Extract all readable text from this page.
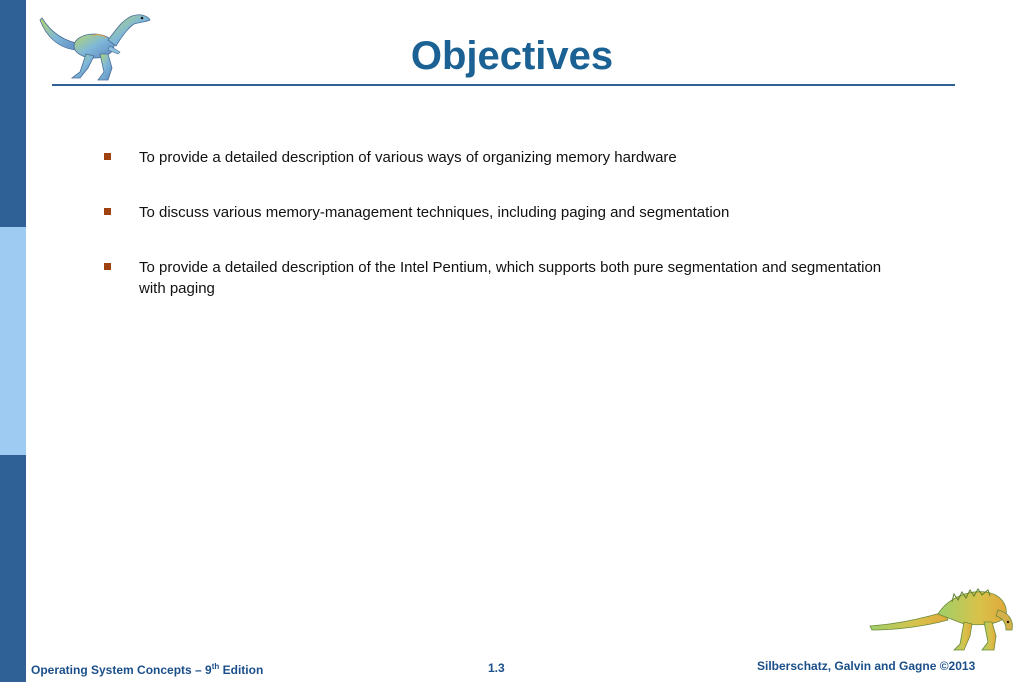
Objectives
To provide a detailed description of various ways of organizing memory hardware
To discuss various memory-management techniques, including paging and segmentation
To provide a detailed description of the Intel Pentium, which supports both pure segmentation and segmentation with paging
Operating System Concepts – 9th Edition	1.3	Silberschatz, Galvin and Gagne ©2013
